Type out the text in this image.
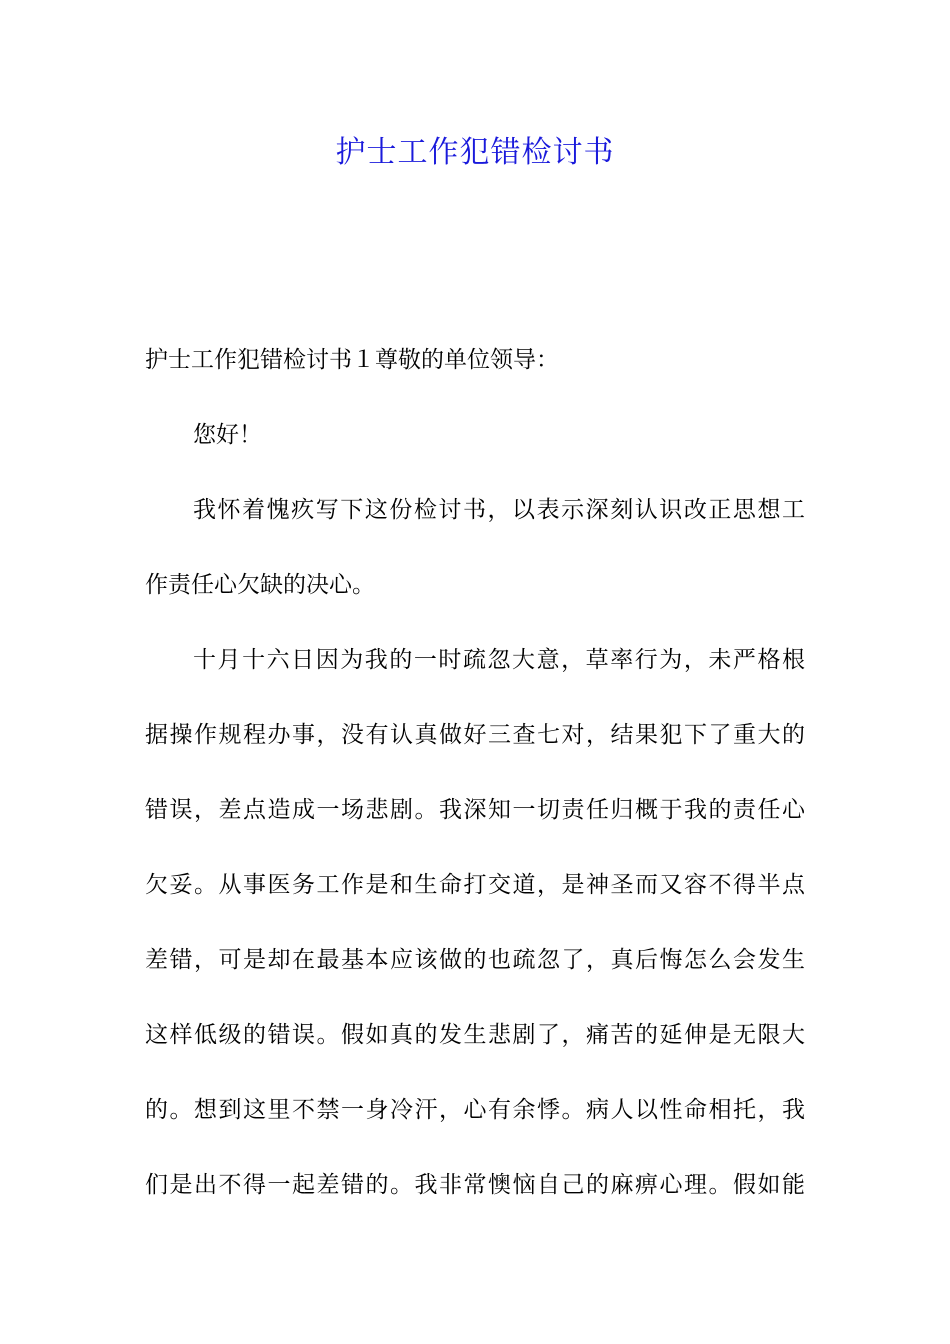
护士工作犯错检讨书

护士工作犯错检讨书１尊敬的单位领导：

您好！

我怀着愧疚写下这份检讨书，以表示深刻认识改正思想工

作责任心欠缺的决心。

十月十六日因为我的一时疏忽大意，草率行为，未严格根

据操作规程办事，没有认真做好三查七对，结果犯下了重大的

错误，差点造成一场悲剧。我深知一切责任归概于我的责任心

欠妥。从事医务工作是和生命打交道，是神圣而又容不得半点

差错，可是却在最基本应该做的也疏忽了，真后悔怎么会发生

这样低级的错误。假如真的发生悲剧了，痛苦的延伸是无限大

的。想到这里不禁一身冷汗，心有余悸。病人以性命相托，我

们是出不得一起差错的。我非常懊恼自己的麻痹心理。假如能
